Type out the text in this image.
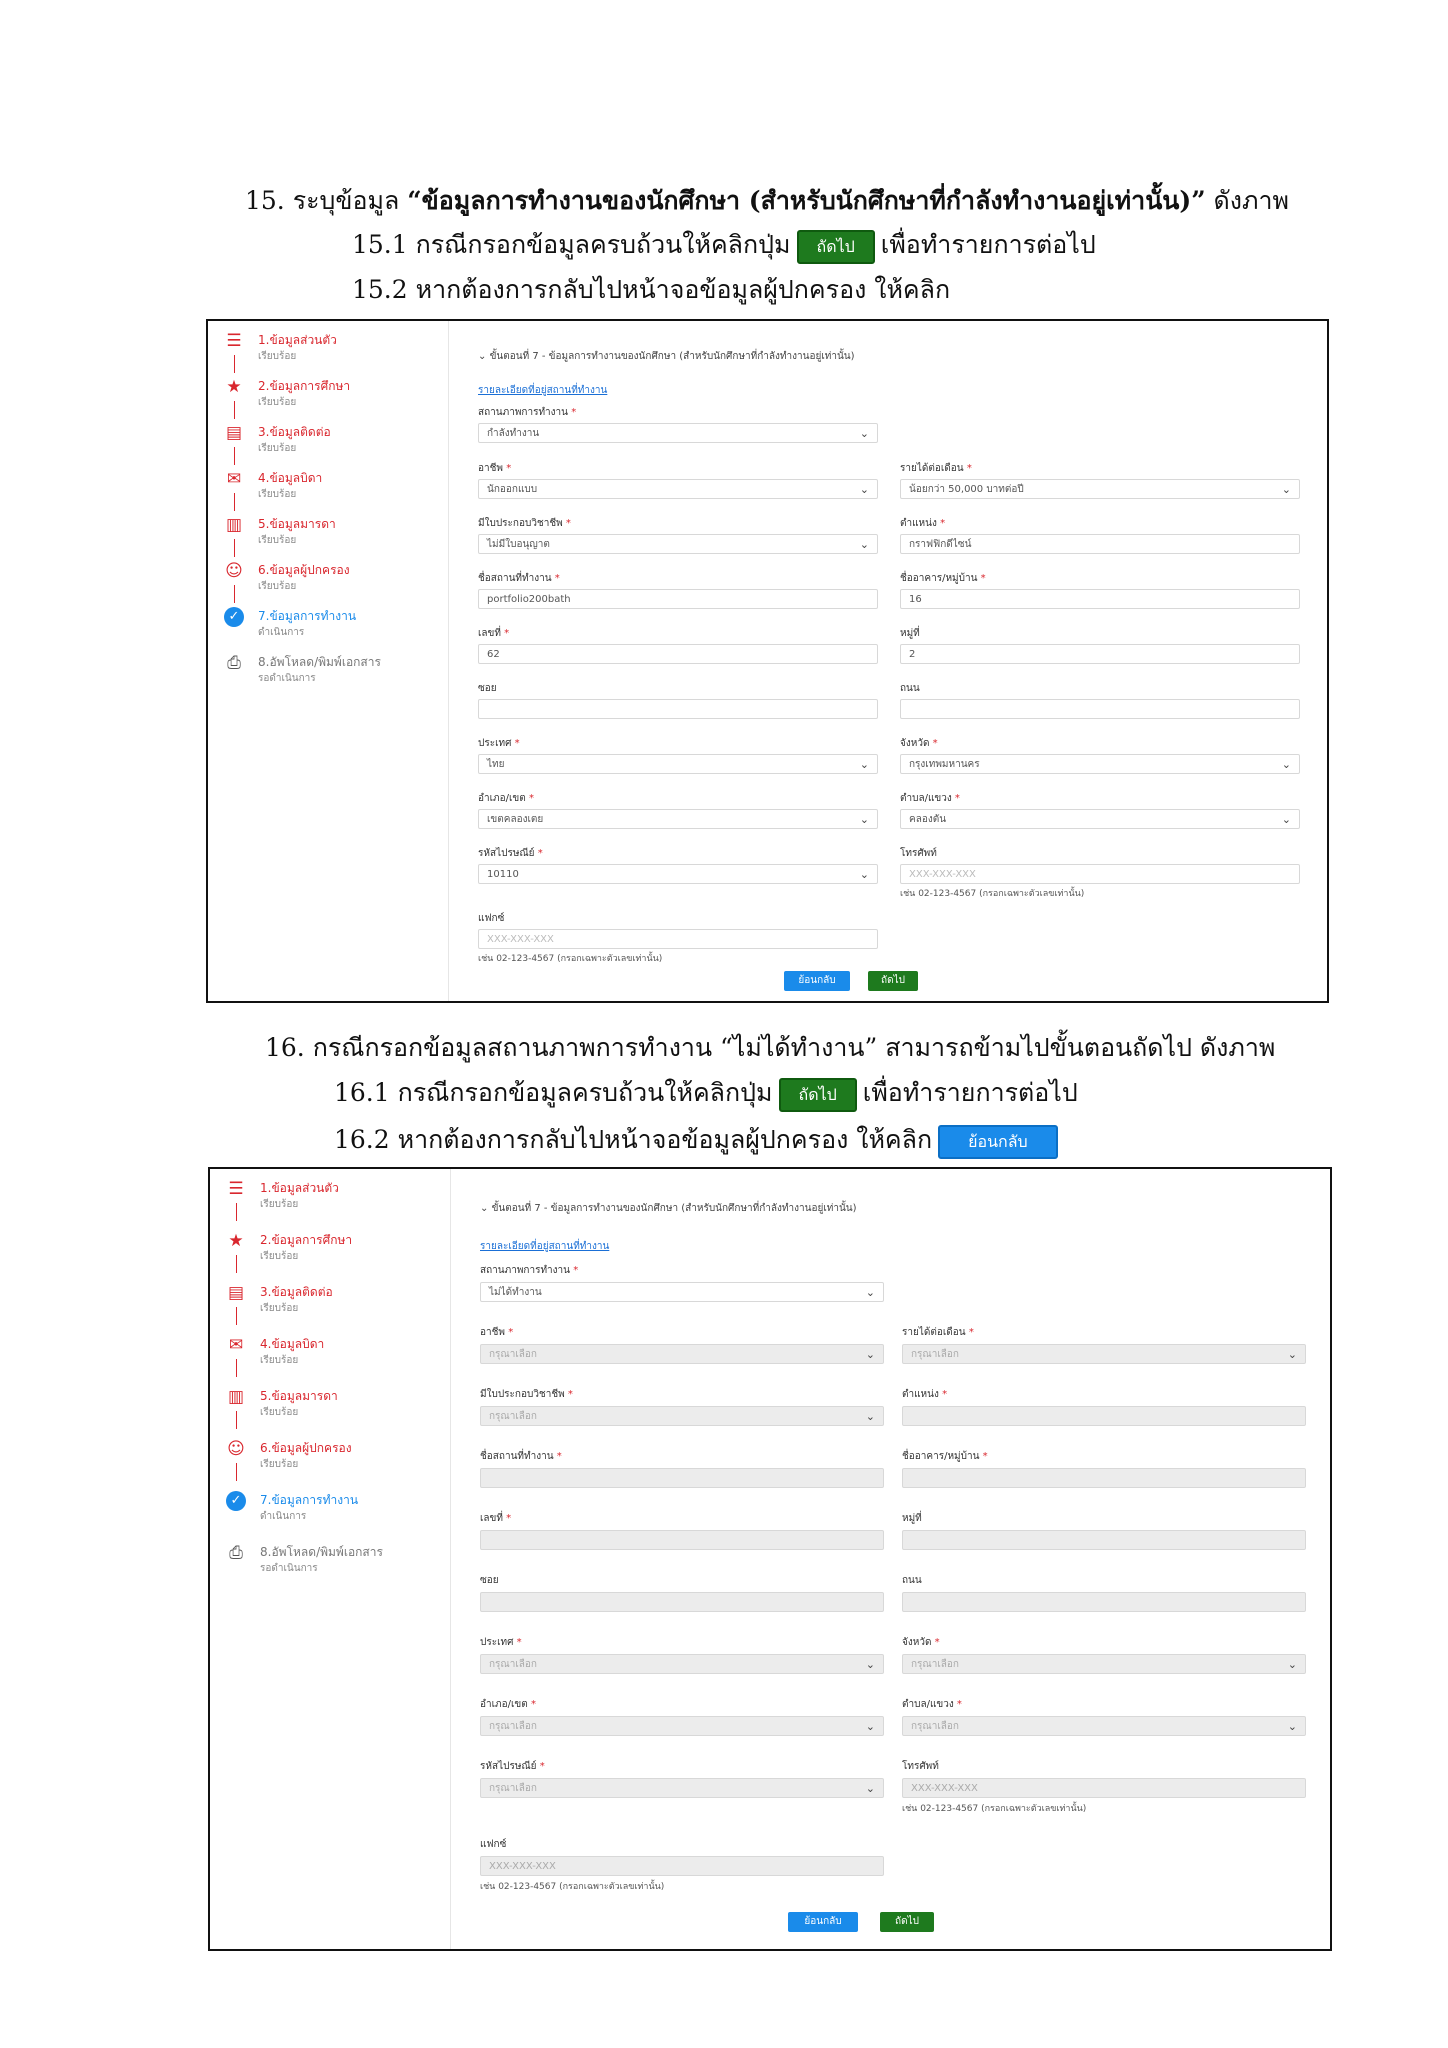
15. ระบุข้อมูล “ข้อมูลการทำงานของนักศึกษา (สำหรับนักศึกษาที่กำลังทำงานอยู่เท่านั้น)” ดังภาพ
15.1 กรณีกรอกข้อมูลครบถ้วนให้คลิกปุ่ม ถัดไป เพื่อทำรายการต่อไป
15.2 หากต้องการกลับไปหน้าจอข้อมูลผู้ปกครอง ให้คลิก
☰ 1.ข้อมูลส่วนตัว
เรียบร้อย
★ 2.ข้อมูลการศึกษา
เรียบร้อย
▤ 3.ข้อมูลติดต่อ
เรียบร้อย
✉ 4.ข้อมูลบิดา
เรียบร้อย
▥ 5.ข้อมูลมารดา
เรียบร้อย
☺ 6.ข้อมูลผู้ปกครอง
เรียบร้อย
✓	7.ข้อมูลการทำงาน
ดำเนินการ
⎙ 8.อัพโหลด/พิมพ์เอกสาร
รอดำเนินการ
⌄ ขั้นตอนที่ 7 - ข้อมูลการทำงานของนักศึกษา (สำหรับนักศึกษาที่กำลังทำงานอยู่เท่านั้น)
รายละเอียดที่อยู่สถานที่ทำงาน
สถานภาพการทำงาน *
กำลังทำงาน	⌄
อาชีพ *
นักออกแบบ	⌄
รายได้ต่อเดือน *
น้อยกว่า 50,000 บาทต่อปี	⌄
มีใบประกอบวิชาชีพ *
ไม่มีใบอนุญาต	⌄
ตำแหน่ง *
กราฟฟิกดีไซน์
ชื่อสถานที่ทำงาน *
portfolio200bath
ชื่ออาคาร/หมู่บ้าน *
16
เลขที่ *
62
หมู่ที่
2
ซอย	ถนน
ประเทศ *
ไทย	⌄
จังหวัด *
กรุงเทพมหานคร	⌄
อำเภอ/เขต *
เขตคลองเตย	⌄
ตำบล/แขวง *
คลองตัน	⌄
รหัสไปรษณีย์ *
10110	⌄
โทรศัพท์
XXX-XXX-XXX
เช่น 02-123-4567 (กรอกเฉพาะตัวเลขเท่านั้น)
แฟกซ์
XXX-XXX-XXX
เช่น 02-123-4567 (กรอกเฉพาะตัวเลขเท่านั้น)
ย้อนกลับ	ถัดไป
16. กรณีกรอกข้อมูลสถานภาพการทำงาน “ไม่ได้ทำงาน” สามารถข้ามไปขั้นตอนถัดไป ดังภาพ
16.1 กรณีกรอกข้อมูลครบถ้วนให้คลิกปุ่ม ถัดไป เพื่อทำรายการต่อไป
16.2 หากต้องการกลับไปหน้าจอข้อมูลผู้ปกครอง ให้คลิก ย้อนกลับ
☰ 1.ข้อมูลส่วนตัว
เรียบร้อย
★ 2.ข้อมูลการศึกษา
เรียบร้อย
▤ 3.ข้อมูลติดต่อ
เรียบร้อย
✉ 4.ข้อมูลบิดา
เรียบร้อย
▥ 5.ข้อมูลมารดา
เรียบร้อย
☺ 6.ข้อมูลผู้ปกครอง
เรียบร้อย
✓	7.ข้อมูลการทำงาน
ดำเนินการ
⎙ 8.อัพโหลด/พิมพ์เอกสาร
รอดำเนินการ
⌄ ขั้นตอนที่ 7 - ข้อมูลการทำงานของนักศึกษา (สำหรับนักศึกษาที่กำลังทำงานอยู่เท่านั้น)
รายละเอียดที่อยู่สถานที่ทำงาน
สถานภาพการทำงาน *
ไม่ได้ทำงาน	⌄
อาชีพ *
กรุณาเลือก	⌄
รายได้ต่อเดือน *
กรุณาเลือก	⌄
มีใบประกอบวิชาชีพ *
กรุณาเลือก	⌄
ตำแหน่ง *
ชื่อสถานที่ทำงาน *	ชื่ออาคาร/หมู่บ้าน *
เลขที่ *	หมู่ที่
ซอย	ถนน
ประเทศ *
กรุณาเลือก	⌄
จังหวัด *
กรุณาเลือก	⌄
อำเภอ/เขต *
กรุณาเลือก	⌄
ตำบล/แขวง *
กรุณาเลือก	⌄
รหัสไปรษณีย์ *
กรุณาเลือก	⌄
โทรศัพท์
XXX-XXX-XXX
เช่น 02-123-4567 (กรอกเฉพาะตัวเลขเท่านั้น)
แฟกซ์
XXX-XXX-XXX
เช่น 02-123-4567 (กรอกเฉพาะตัวเลขเท่านั้น)
ย้อนกลับ	ถัดไป
